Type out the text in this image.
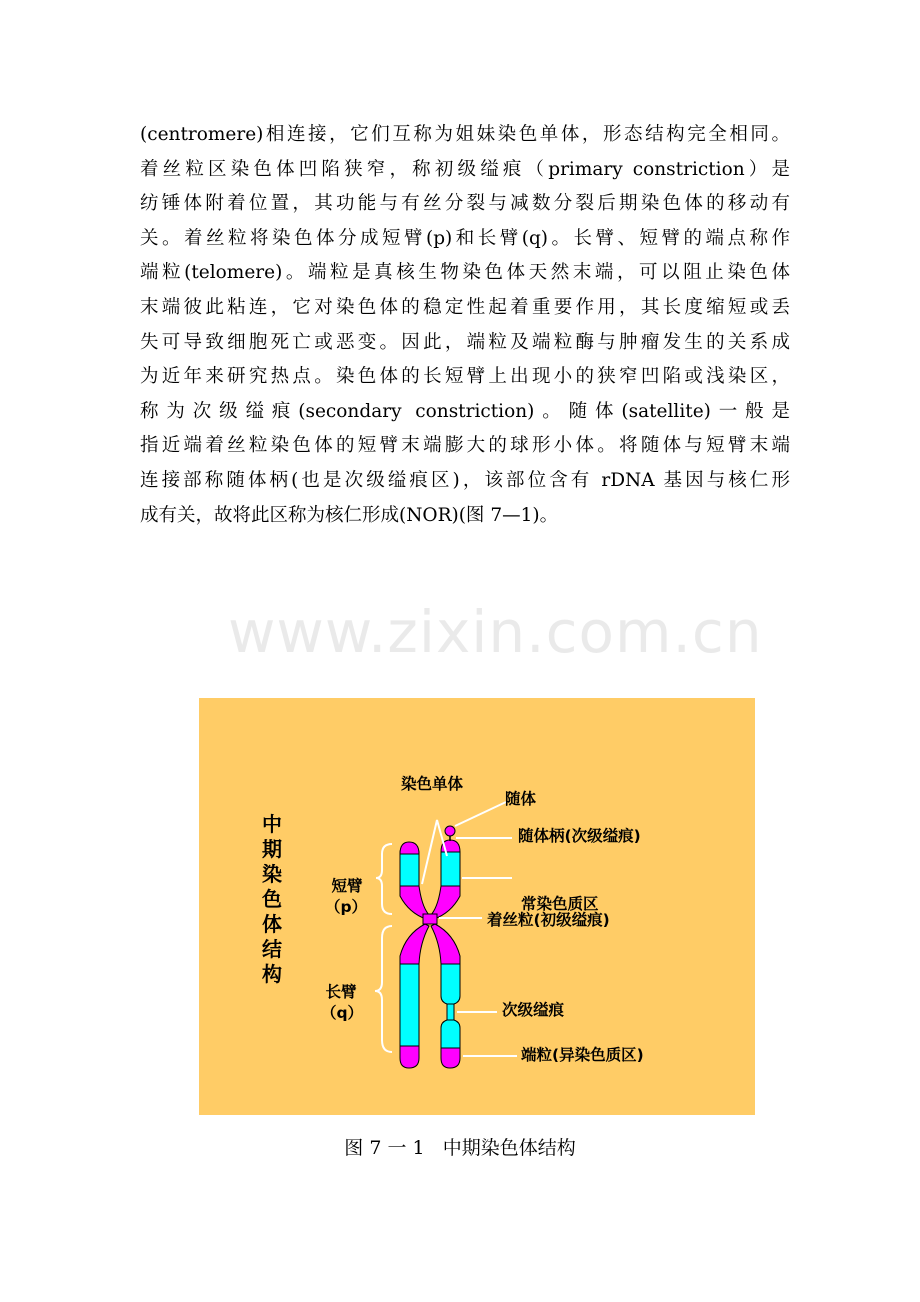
(centromere)相连接，它们互称为姐妹染色单体，形态结构完全相同。
着丝粒区染色体凹陷狭窄，称初级缢痕（primary constriction）是
纺锤体附着位置，其功能与有丝分裂与减数分裂后期染色体的移动有
关。着丝粒将染色体分成短臂(p)和长臂(q)。长臂、短臂的端点称作
端粒(telomere)。端粒是真核生物染色体天然末端，可以阻止染色体
末端彼此粘连，它对染色体的稳定性起着重要作用，其长度缩短或丢
失可导致细胞死亡或恶变。因此，端粒及端粒酶与肿瘤发生的关系成
为近年来研究热点。染色体的长短臂上出现小的狭窄凹陷或浅染区，
称为次级缢痕(secondary constriction)。随体(satellite)一般是
指近端着丝粒染色体的短臂末端膨大的球形小体。将随体与短臂末端
连接部称随体柄(也是次级缢痕区)，该部位含有 rDNA 基因与核仁形
成有关，故将此区称为核仁形成(NOR)(图 7—1)。
www.zixin.com.cn
中
期
染
色
体
结
构
短臂
（p）
长臂
（q）
染色单体
随体
随体柄(次级缢痕)
常染色质区
着丝粒(初级缢痕)
次级缢痕
端粒(异染色质区)
图 7 一 1   中期染色体结构
